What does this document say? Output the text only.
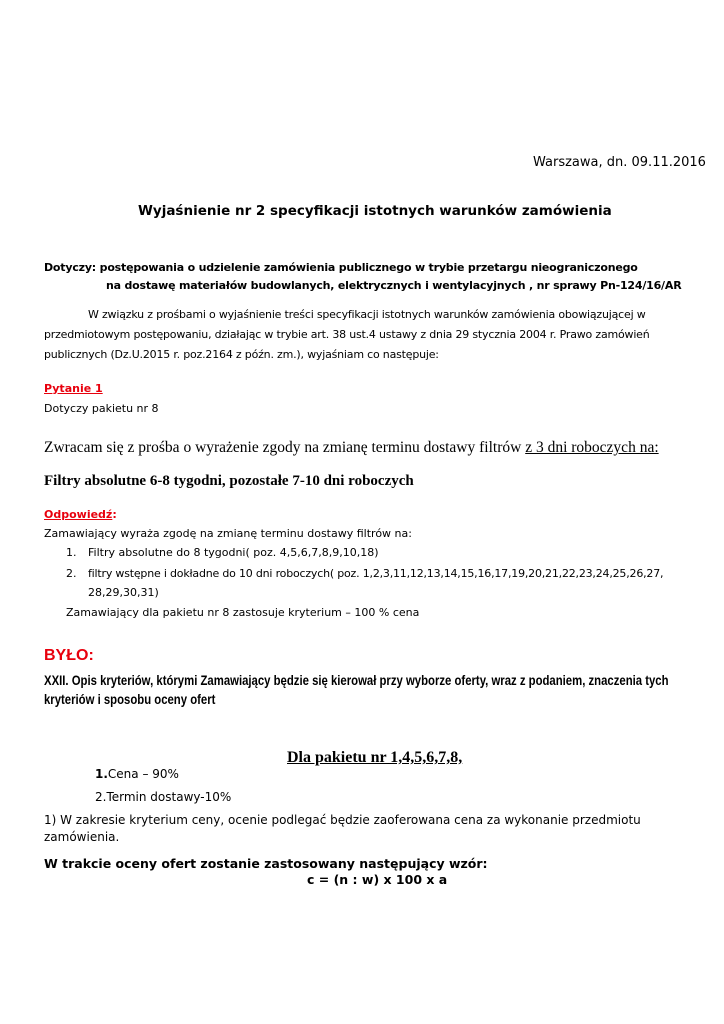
Warszawa, dn. 09.11.2016
Wyjaśnienie nr 2 specyfikacji istotnych warunków zamówienia
Dotyczy: postępowania o udzielenie zamówienia publicznego w trybie przetargu nieograniczonego
na dostawę materiałów budowlanych, elektrycznych i wentylacyjnych , nr sprawy Pn-124/16/AR
W związku z prośbami o wyjaśnienie treści specyfikacji istotnych warunków zamówienia obowiązującej w
przedmiotowym postępowaniu, działając w trybie art. 38 ust.4 ustawy z dnia 29 stycznia 2004 r. Prawo zamówień
publicznych (Dz.U.2015 r. poz.2164 z późn. zm.), wyjaśniam co następuje:
Pytanie 1
Dotyczy pakietu nr 8
Zwracam się z prośba o wyrażenie zgody na zmianę terminu dostawy filtrów z 3 dni roboczych na:
Filtry absolutne 6-8 tygodni, pozostałe 7-10 dni roboczych
Odpowiedź:
Zamawiający wyraża zgodę na zmianę terminu dostawy filtrów na:
1. Filtry absolutne do 8 tygodni( poz. 4,5,6,7,8,9,10,18)
2. filtry wstępne i dokładne do 10 dni roboczych( poz. 1,2,3,11,12,13,14,15,16,17,19,20,21,22,23,24,25,26,27,
28,29,30,31)
Zamawiający dla pakietu nr 8 zastosuje kryterium – 100 % cena
BYŁO:
XXII. Opis kryteriów, którymi Zamawiający będzie się kierował przy wyborze oferty, wraz z podaniem, znaczenia tych
kryteriów i sposobu oceny ofert
Dla pakietu nr 1,4,5,6,7,8,
1.Cena – 90%
2.Termin dostawy-10%
1) W zakresie kryterium ceny, ocenie podlegać będzie zaoferowana cena za wykonanie przedmiotu
zamówienia.
W trakcie oceny ofert zostanie zastosowany następujący wzór:
c = (n : w) x 100 x a
